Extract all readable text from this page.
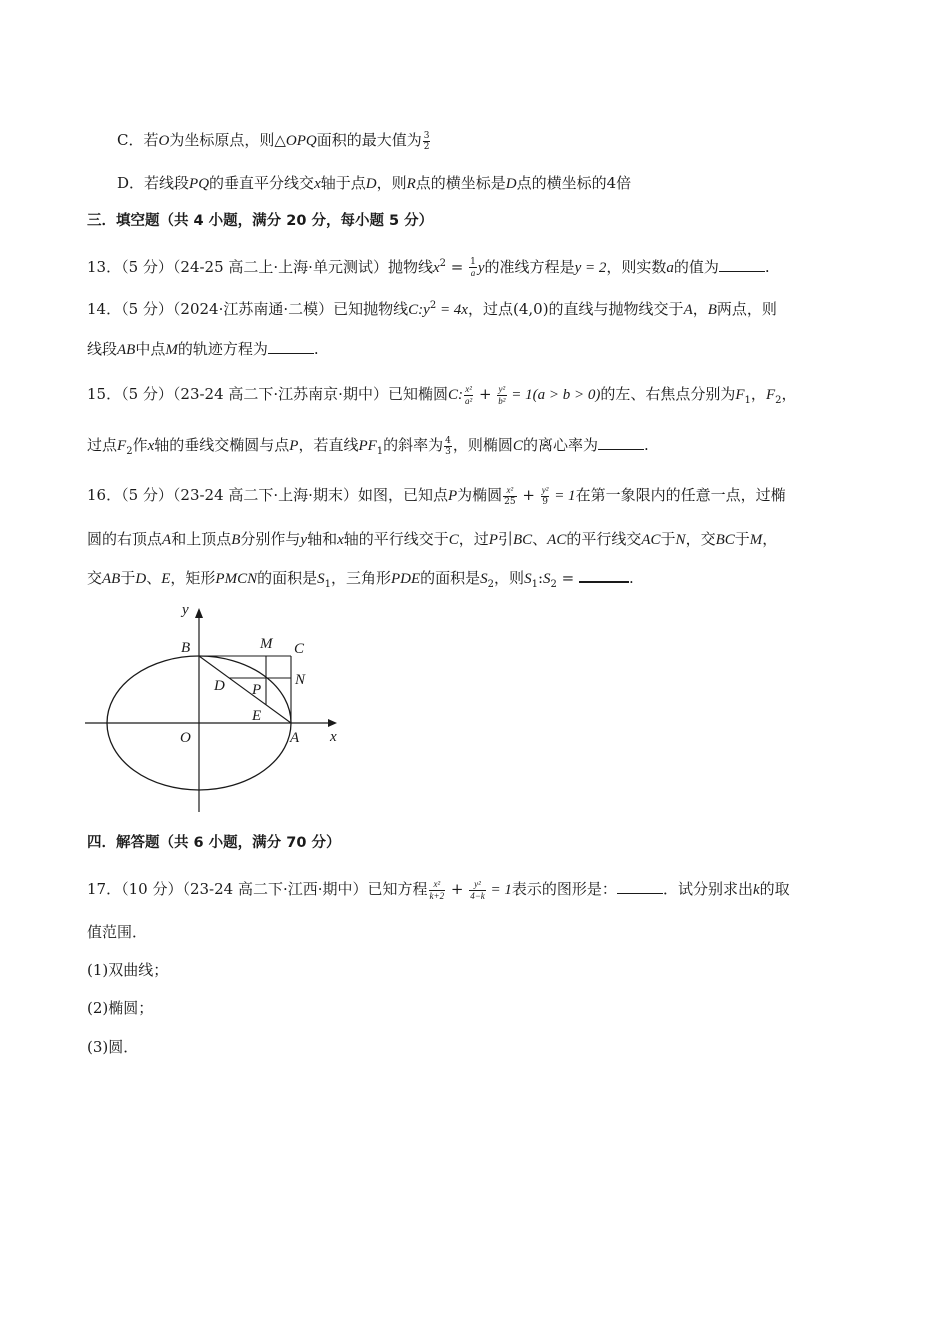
C．若O为坐标原点，则△OPQ面积的最大值为 $\frac{3}{2}$
D．若线段PQ的垂直平分线交x轴于点D，则R点的横坐标是D点的横坐标的4倍
三．填空题（共 4 小题，满分 20 分，每小题 5 分）
13．（5 分）（24-25 高二上·上海·单元测试）抛物线$x^2 = \frac{1}{a}$ y的准线方程是y = 2，则实数a的值为	.
14．（5 分）（2024·江苏南通·二模）已知抛物线$C:y^2 = 4x$，过点(4,0)的直线与抛物线交于A，B两点，则
线段AB中点M的轨迹方程为	.
15．（5 分）（23-24 高二下·江苏南京·期中）已知椭圆C: $\frac{\text{x²}}{\text{a²}} + \frac{\text{y²}}{\text{b²}} = 1(a > b > 0)$的左、右焦点分别为$F_1$，$F_2$，
过点$F_2$作x轴的垂线交椭圆与点P，若直线$PF_1$的斜率为 $\frac{4}{3}$ ，则椭圆C的离心率为	.
16．（5 分）（23-24 高二下·上海·期末）如图，已知点P为椭圆 $\frac{\text{x²}}{25} + \frac{\text{y²}}{9} = 1$在第一象限内的任意一点，过椭
圆的右顶点A和上顶点B分别作与y轴和x轴的平行线交于C，过P引BC、AC的平行线交AC于N，交BC于M，
交AB于D、E，矩形PMCN的面积是$S_1$，三角形PDE的面积是$S_2$，则$S_1:S_2$ =	.
y
x
B	M C
D P
N
E
O	A
四．解答题（共 6 小题，满分 70 分）
17．（10 分）（23-24 高二下·江西·期中）已知方程 $\frac{\text{x²}}{k+2} + \frac{\text{y²}}{4-k} = 1$表示的图形是：	．试分别求出k的取
值范围．
(1)双曲线；
(2)椭圆；
(3)圆．
